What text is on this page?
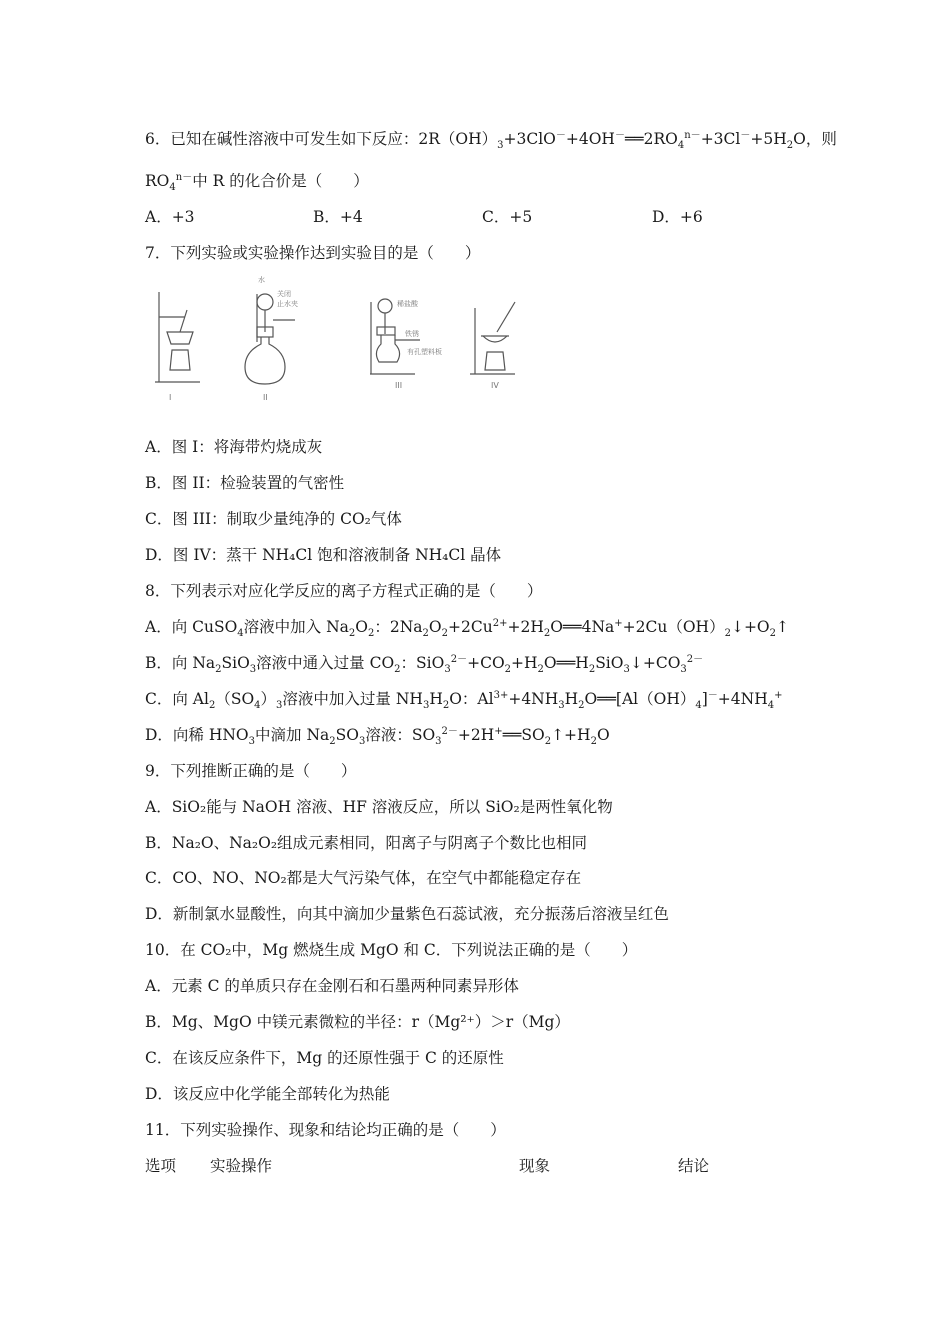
6．已知在碱性溶液中可发生如下反应：$2R(OH)_3+3ClO^-+4OH^-══2RO_4^{n-}+3Cl^-+5H_2O$，则
$RO_4^{n-}$中 R 的化合价是（　　）
A．+3	B．+4	C．+5	D．+6
7．下列实验或实验操作达到实验目的是（　　）
I
水
关闭
止水夹
II
稀盐酸
铁锈
有孔塑料板
III	IV
A．图 I：将海带灼烧成灰
B．图 II：检验装置的气密性
C．图 III：制取少量纯净的 CO₂气体
D．图 IV：蒸干 NH₄Cl 饱和溶液制备 NH₄Cl 晶体
8．下列表示对应化学反应的离子方程式正确的是（　　）
A．向 CuSO$_4$溶液中加入 $Na_2O_2$：$2Na_2O_2+2Cu^{2+}+2H_2O══4Na^++2Cu(OH)_2↓+O_2↑$
B．向 $Na_2SiO_3$溶液中通入过量 $CO_2$：$SiO_3^{2-}+CO_2+H_2O══H_2SiO_3↓+CO_3^{2-}$
C．向 $Al_2(SO_4)_3$溶液中加入过量 $NH_3H_2O$：$Al^{3+}+4NH_3H_2O══[Al(OH)_4]^-+4NH_4^+$
D．向稀 $HNO_3$中滴加 $Na_2SO_3$溶液：$SO_3^{2-}+2H^+══SO_2↑+H_2O$
9．下列推断正确的是（　　）
A．SiO₂能与 NaOH 溶液、HF 溶液反应，所以 SiO₂是两性氧化物
B．Na₂O、Na₂O₂组成元素相同，阳离子与阴离子个数比也相同
C．CO、NO、NO₂都是大气污染气体，在空气中都能稳定存在
D．新制氯水显酸性，向其中滴加少量紫色石蕊试液，充分振荡后溶液呈红色
10．在 CO₂中，Mg 燃烧生成 MgO 和 C．下列说法正确的是（　　）
A．元素 C 的单质只存在金刚石和石墨两种同素异形体
B．Mg、MgO 中镁元素微粒的半径：r（Mg²⁺）＞r（Mg）
C．在该反应条件下，Mg 的还原性强于 C 的还原性
D．该反应中化学能全部转化为热能
11．下列实验操作、现象和结论均正确的是（　　）
选项 实验操作	现象	结论
